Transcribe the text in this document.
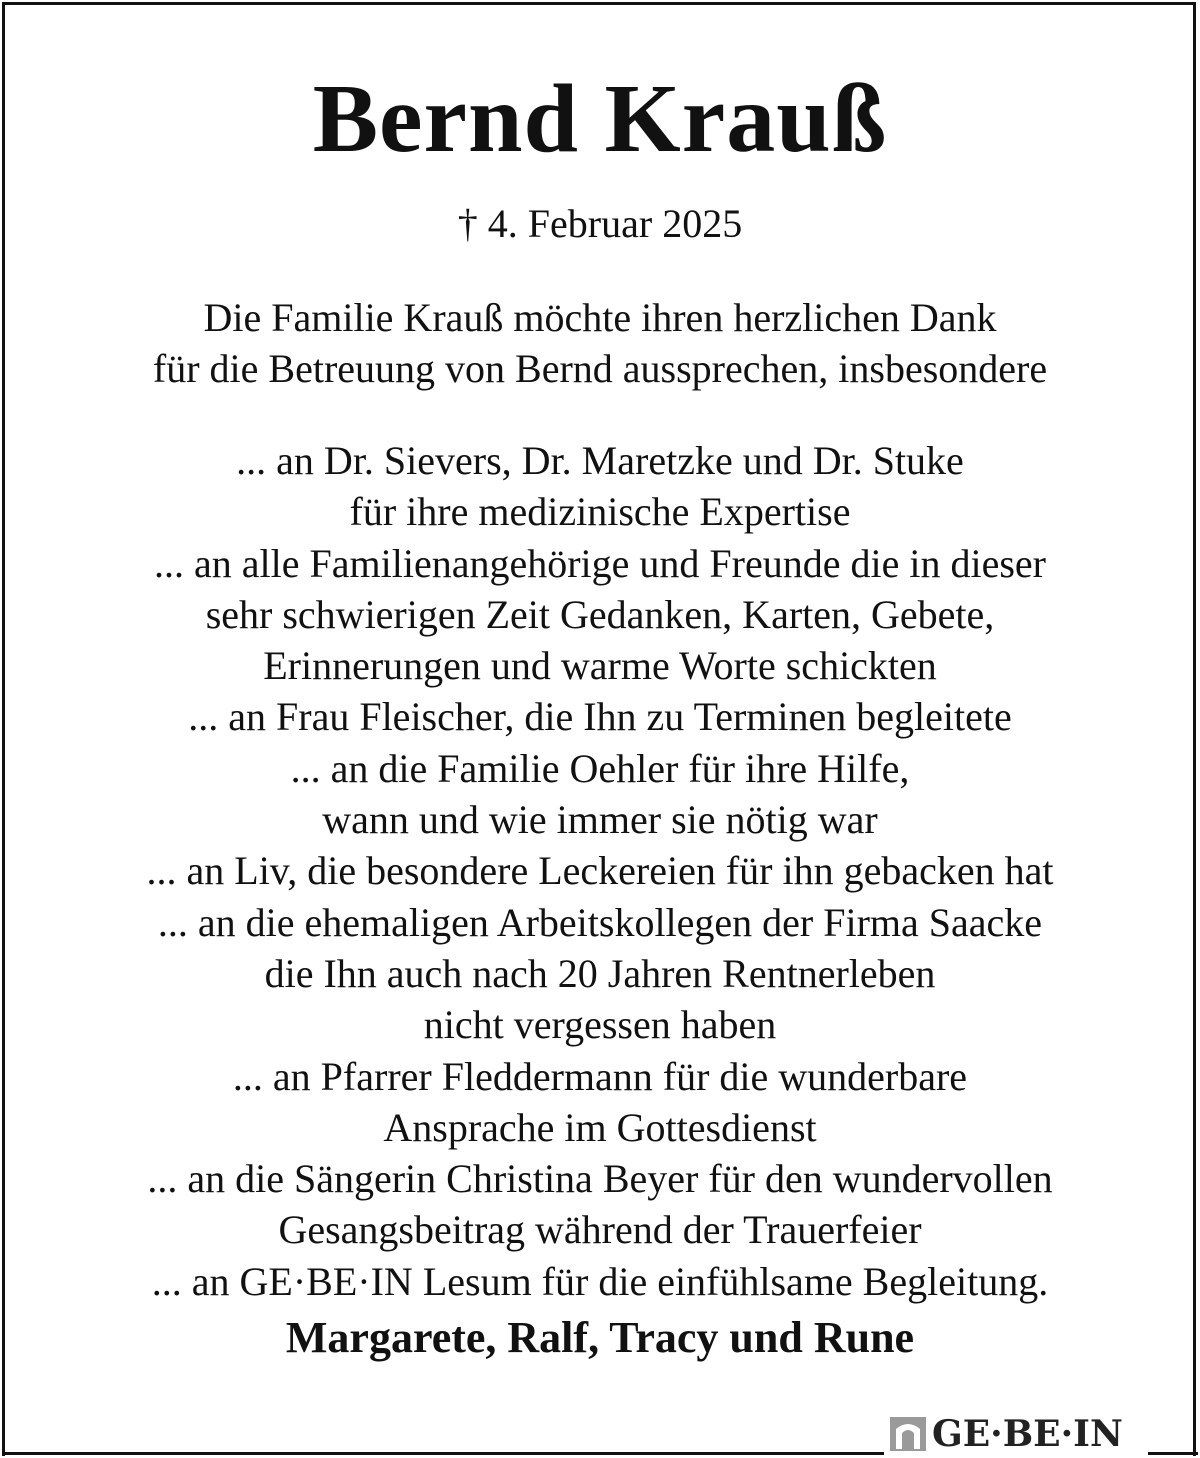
Bernd Krauß
† 4. Februar 2025
Die Familie Krauß möchte ihren herzlichen Dank
für die Betreuung von Bernd aussprechen, insbesondere
... an Dr. Sievers, Dr. Maretzke und Dr. Stuke
für ihre medizinische Expertise
... an alle Familienangehörige und Freunde die in dieser
sehr schwierigen Zeit Gedanken, Karten, Gebete,
Erinnerungen und warme Worte schickten
... an Frau Fleischer, die Ihn zu Terminen begleitete
... an die Familie Oehler für ihre Hilfe,
wann und wie immer sie nötig war
... an Liv, die besondere Leckereien für ihn gebacken hat
... an die ehemaligen Arbeitskollegen der Firma Saacke
die Ihn auch nach 20 Jahren Rentnerleben
nicht vergessen haben
... an Pfarrer Fleddermann für die wunderbare
Ansprache im Gottesdienst
... an die Sängerin Christina Beyer für den wundervollen
Gesangsbeitrag während der Trauerfeier
... an GE·BE·IN Lesum für die einfühlsame Begleitung.
Margarete, Ralf, Tracy und Rune
GE·BE·IN
